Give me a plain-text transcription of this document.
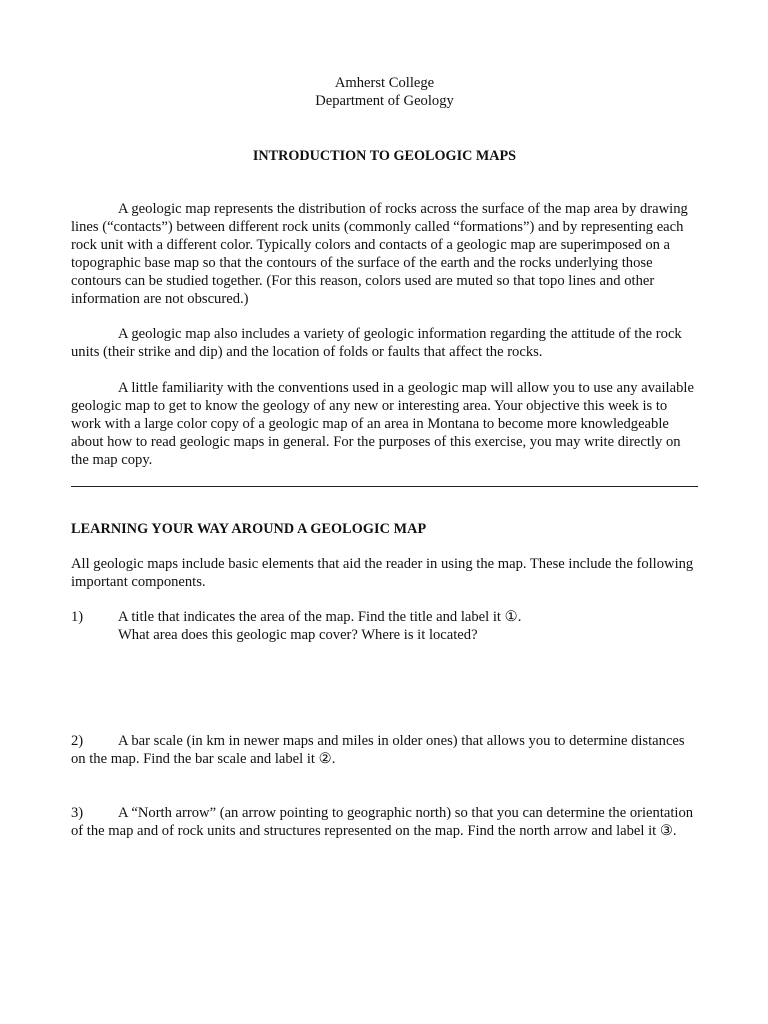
Amherst College
Department of Geology
INTRODUCTION TO GEOLOGIC MAPS

A geologic map represents the distribution of rocks across the surface of the map area by drawing lines (“contacts”) between different rock units (commonly called “formations”) and by representing each rock unit with a different color. Typically colors and contacts of a geologic map are superimposed on a topographic base map so that the contours of the surface of the earth and the rocks underlying those contours can be studied together. (For this reason, colors used are muted so that topo lines and other information are not obscured.)

A geologic map also includes a variety of geologic information regarding the attitude of the rock units (their strike and dip) and the location of folds or faults that affect the rocks.

A little familiarity with the conventions used in a geologic map will allow you to use any available geologic map to get to know the geology of any new or interesting area. Your objective this week is to work with a large color copy of a geologic map of an area in Montana to become more knowledgeable about how to read geologic maps in general. For the purposes of this exercise, you may write directly on the map copy.

LEARNING YOUR WAY AROUND A GEOLOGIC MAP

All geologic maps include basic elements that aid the reader in using the map. These include the following important components.

1) A title that indicates the area of the map. Find the title and label it ①.
What area does this geologic map cover? Where is it located?
2) A bar scale (in km in newer maps and miles in older ones) that allows you to determine distances on the map. Find the bar scale and label it ②.
3) A “North arrow” (an arrow pointing to geographic north) so that you can determine the orientation of the map and of rock units and structures represented on the map. Find the north arrow and label it ③.
